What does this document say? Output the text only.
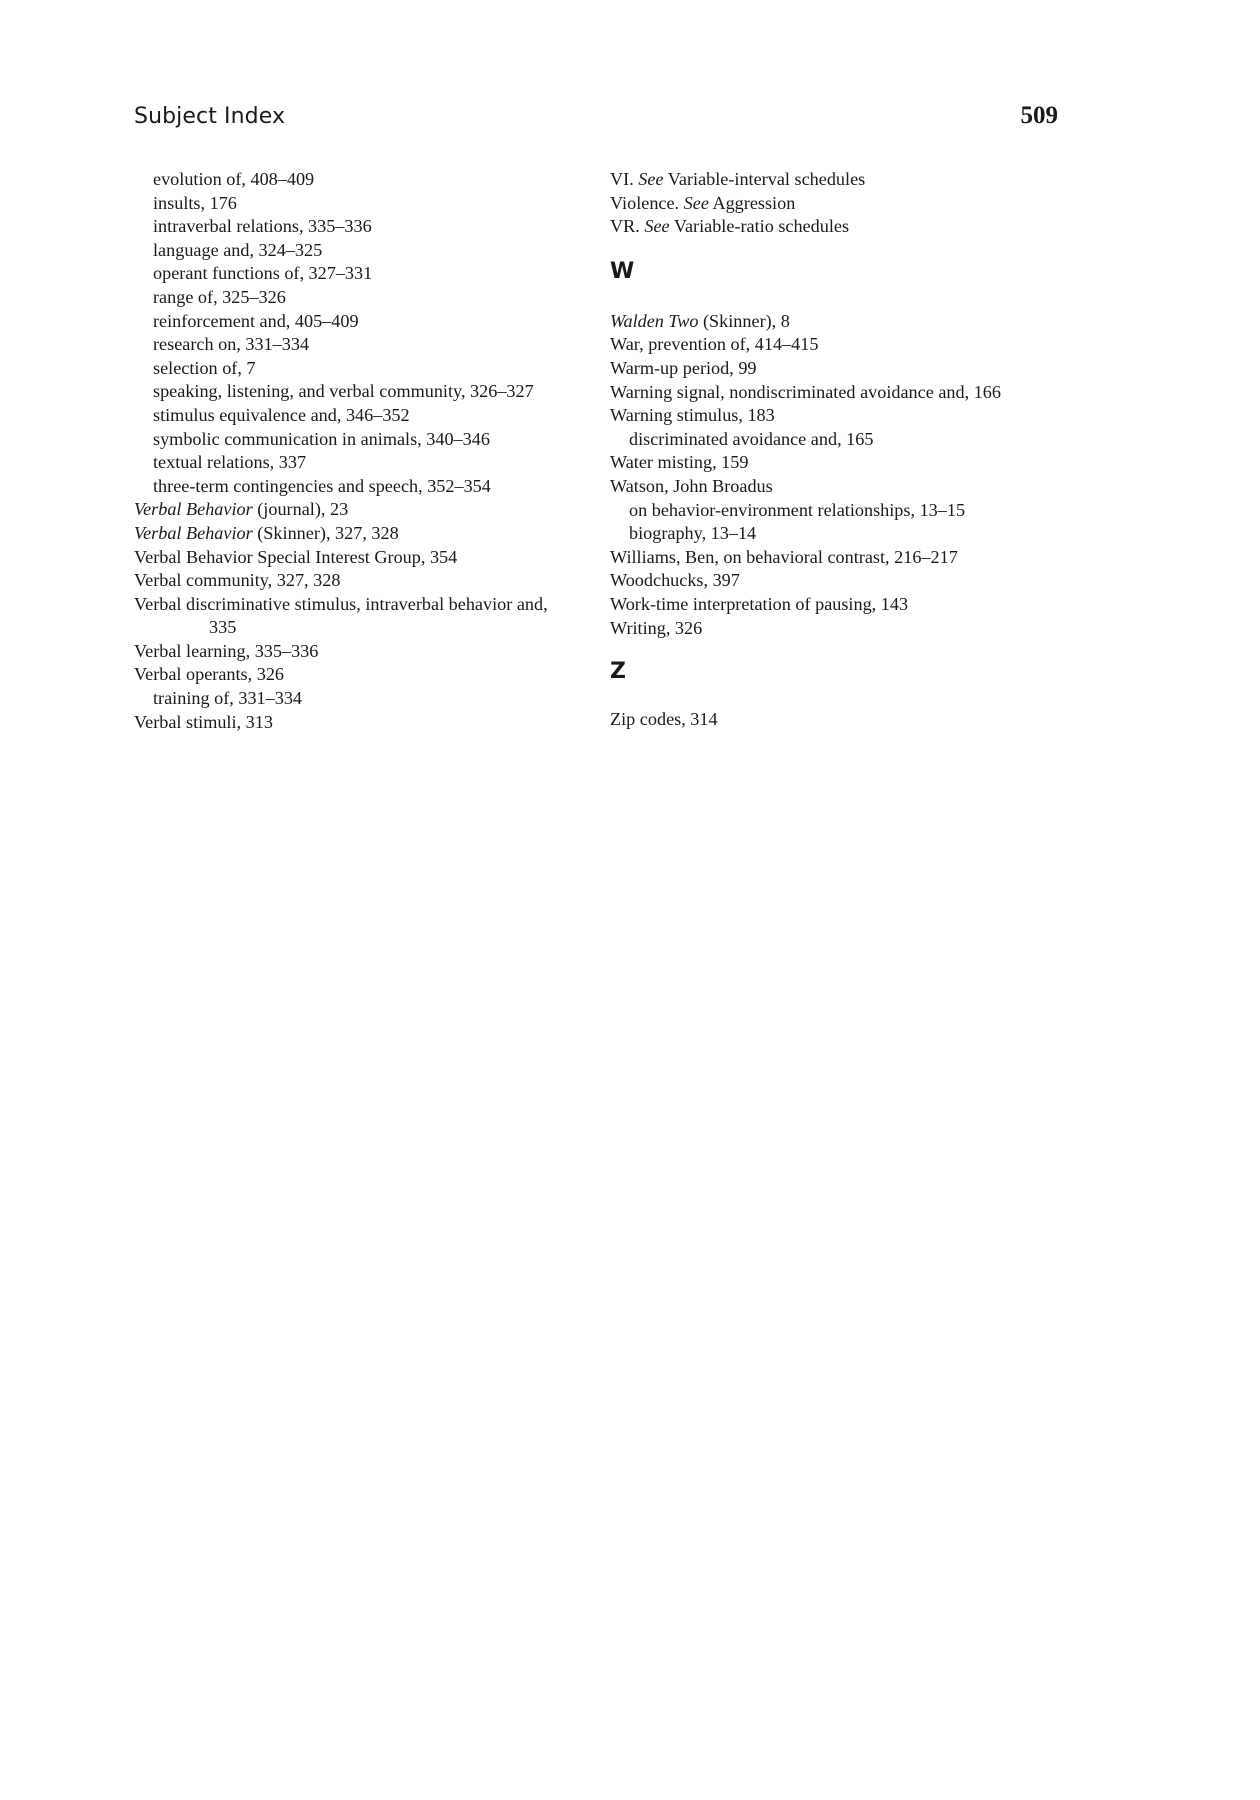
Subject Index	509
evolution of, 408–409
insults, 176
intraverbal relations, 335–336
language and, 324–325
operant functions of, 327–331
range of, 325–326
reinforcement and, 405–409
research on, 331–334
selection of, 7
speaking, listening, and verbal community, 326–327
stimulus equivalence and, 346–352
symbolic communication in animals, 340–346
textual relations, 337
three-term contingencies and speech, 352–354
Verbal Behavior (journal), 23
Verbal Behavior (Skinner), 327, 328
Verbal Behavior Special Interest Group, 354
Verbal community, 327, 328
Verbal discriminative stimulus, intraverbal behavior and, 335
Verbal learning, 335–336
Verbal operants, 326
training of, 331–334
Verbal stimuli, 313
VI. See Variable-interval schedules
Violence. See Aggression
VR. See Variable-ratio schedules
W
Walden Two (Skinner), 8
War, prevention of, 414–415
Warm-up period, 99
Warning signal, nondiscriminated avoidance and, 166
Warning stimulus, 183
discriminated avoidance and, 165
Water misting, 159
Watson, John Broadus
on behavior-environment relationships, 13–15
biography, 13–14
Williams, Ben, on behavioral contrast, 216–217
Woodchucks, 397
Work-time interpretation of pausing, 143
Writing, 326
Z
Zip codes, 314
